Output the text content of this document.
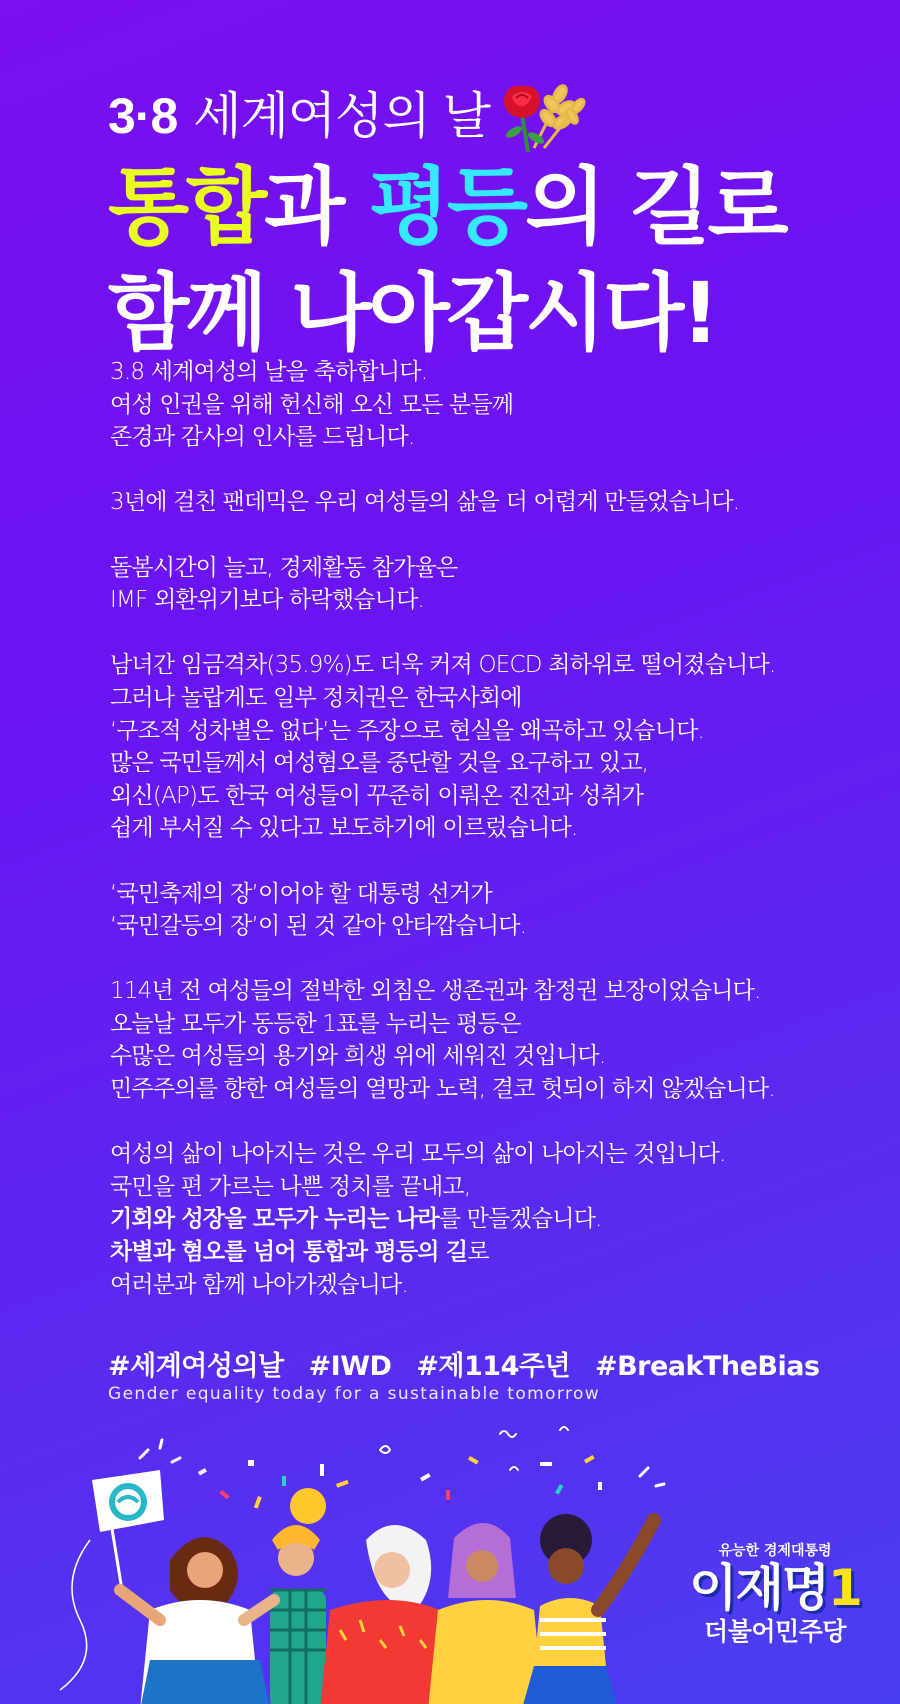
3·8 세계여성의 날
통합과 평등의 길로
함께 나아갑시다!
3.8 세계여성의 날을 축하합니다.
여성 인권을 위해 헌신해 오신 모든 분들께
존경과 감사의 인사를 드립니다.
3년에 걸친 팬데믹은 우리 여성들의 삶을 더 어렵게 만들었습니다.
돌봄시간이 늘고, 경제활동 참가율은
IMF 외환위기보다 하락했습니다.
남녀간 임금격차(35.9%)도 더욱 커져 OECD 최하위로 떨어졌습니다.
그러나 놀랍게도 일부 정치권은 한국사회에
‘구조적 성차별은 없다’는 주장으로 현실을 왜곡하고 있습니다.
많은 국민들께서 여성혐오를 중단할 것을 요구하고 있고,
외신(AP)도 한국 여성들이 꾸준히 이뤄온 진전과 성취가
쉽게 부서질 수 있다고 보도하기에 이르렀습니다.
‘국민축제의 장’이어야 할 대통령 선거가
‘국민갈등의 장’이 된 것 같아 안타깝습니다.
114년 전 여성들의 절박한 외침은 생존권과 참정권 보장이었습니다.
오늘날 모두가 동등한 1표를 누리는 평등은
수많은 여성들의 용기와 희생 위에 세워진 것입니다.
민주주의를 향한 여성들의 열망과 노력, 결코 헛되이 하지 않겠습니다.
여성의 삶이 나아지는 것은 우리 모두의 삶이 나아지는 것입니다.
국민을 편 가르는 나쁜 정치를 끝내고,
기회와 성장을 모두가 누리는 나라를 만들겠습니다.
차별과 혐오를 넘어 통합과 평등의 길로
여러분과 함께 나아가겠습니다.
#세계여성의날 #IWD #제114주년 #BreakTheBias
Gender equality today for a sustainable tomorrow
유능한 경제대통령
이재명1
더불어민주당
